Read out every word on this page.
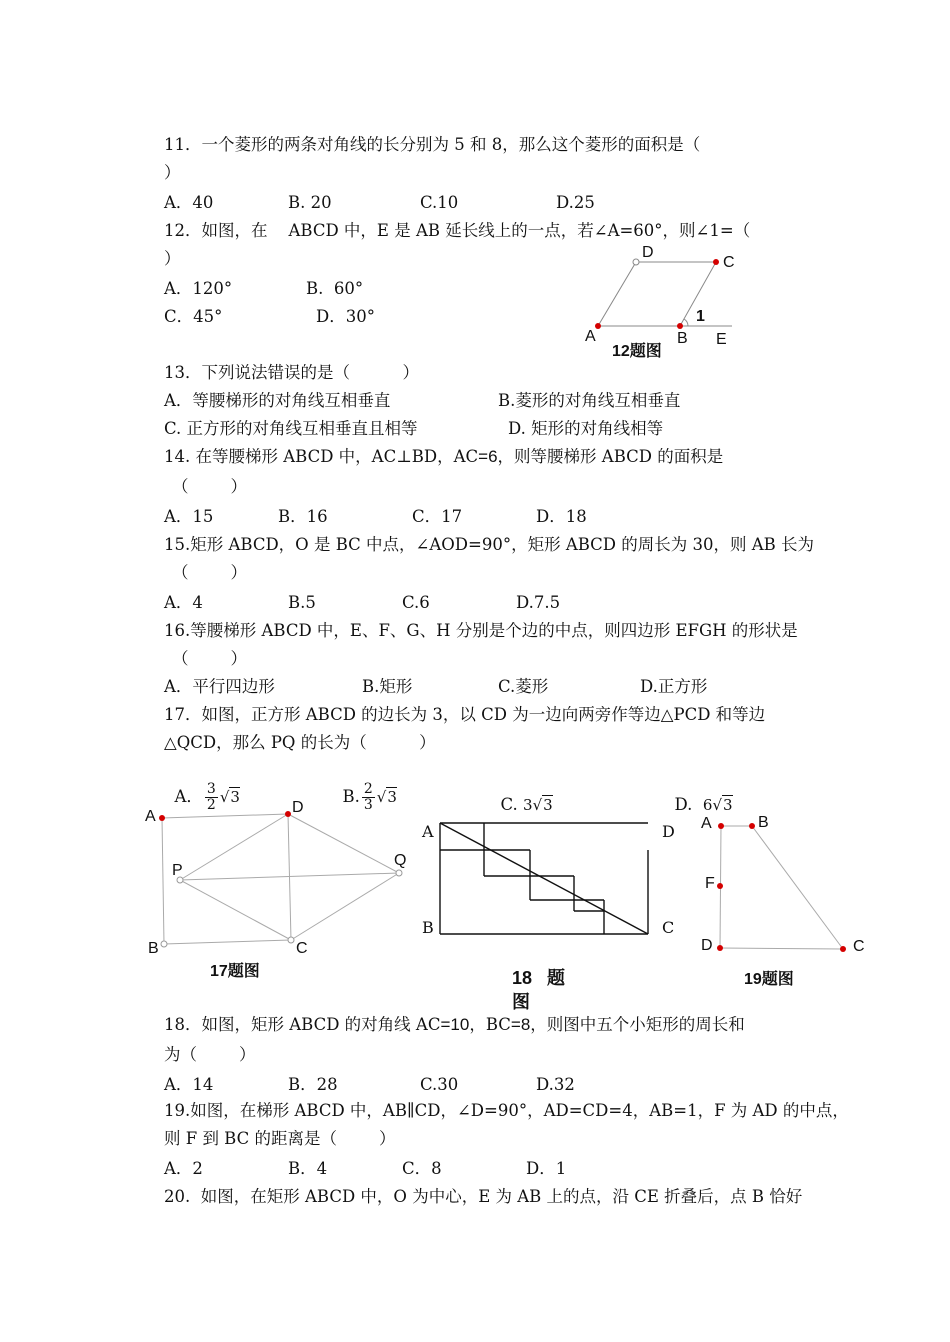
11．一个菱形的两条对角线的长分别为 5 和 8，那么这个菱形的面积是（
）
A．40	B. 20	C.10	D.25
12．如图，在    ABCD 中，E 是 AB 延长线上的一点，若∠A=60°，则∠1=（
）
A．120°	B.  60°
C．45°	D．30°
D
C
A	B E
1
12题图
13．下列说法错误的是（          ）
A．等腰梯形的对角线互相垂直	B.菱形的对角线互相垂直
C. 正方形的对角线互相垂直且相等	D. 矩形的对角线相等
14. 在等腰梯形 ABCD 中，AC⊥BD，AC=6，则等腰梯形 ABCD 的面积是
（        ）
A．15	B．16	C．17	D．18
15.矩形 ABCD，O 是 BC 中点，∠AOD=90°，矩形 ABCD 的周长为 30，则 AB 长为
（        ）
A．4	B.5	C.6	D.7.5
16.等腰梯形 ABCD 中，E、F、G、H 分别是个边的中点，则四边形 EFGH 的形状是
（        ）
A．平行四边形	B.矩形	C.菱形	D.正方形
17．如图，正方形 ABCD 的边长为 3，以 CD 为一边向两旁作等边△PCD 和等边
△QCD，那么 PQ 的长为（          ）

A． $\frac{3}{2} √3$	B. $\frac{2}{3} √3$	C. 3√3	D. 6√3

A
D
P
Q
B	C
17题图
A	D
B	C
18   题
图
A	B
F
D	C
19题图
18．如图，矩形 ABCD 的对角线 AC=10，BC=8，则图中五个小矩形的周长和
为（        ）
A．14	B．28	C.30	D.32
19.如图，在梯形 ABCD 中，AB∥CD，∠D=90°，AD=CD=4，AB=1，F 为 AD 的中点，
则 F 到 BC 的距离是（        ）
A．2	B．4	C．8	D．1
20.  如图，在矩形 ABCD 中，O 为中心，E 为 AB 上的点，沿 CE 折叠后，点 B 恰好
